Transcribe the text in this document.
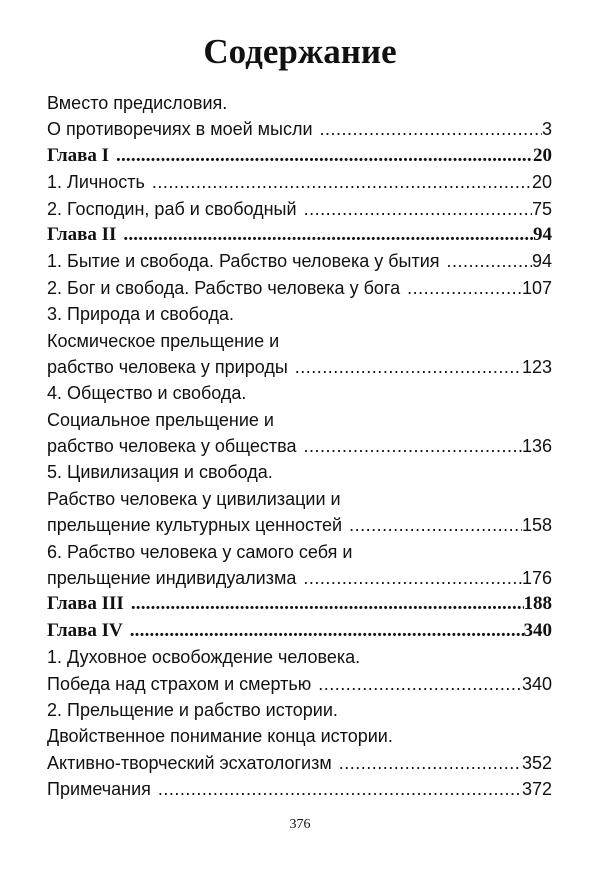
Содержание
Вместо предисловия.
О противоречиях в моей мысли .....	3
Глава I .....	20
1. Личность .....	20
2. Господин, раб и свободный .....	75
Глава II .....	94
1. Бытие и свобода. Рабство человека у бытия .....	94
2. Бог и свобода. Рабство человека у бога .....	107
3. Природа и свобода.
Космическое прельщение и
рабство человека у природы .....	123
4. Общество и свобода.
Социальное прельщение и
рабство человека у общества .....	136
5. Цивилизация и свобода.
Рабство человека у цивилизации и
прельщение культурных ценностей .....	158
6. Рабство человека у самого себя и
прельщение индивидуализма .....	176
Глава III .....	188
Глава IV .....	340
1. Духовное освобождение человека.
Победа над страхом и смертью .....	340
2. Прельщение и рабство истории.
Двойственное понимание конца истории.
Активно-творческий эсхатологизм .....	352
Примечания .....	372
376
